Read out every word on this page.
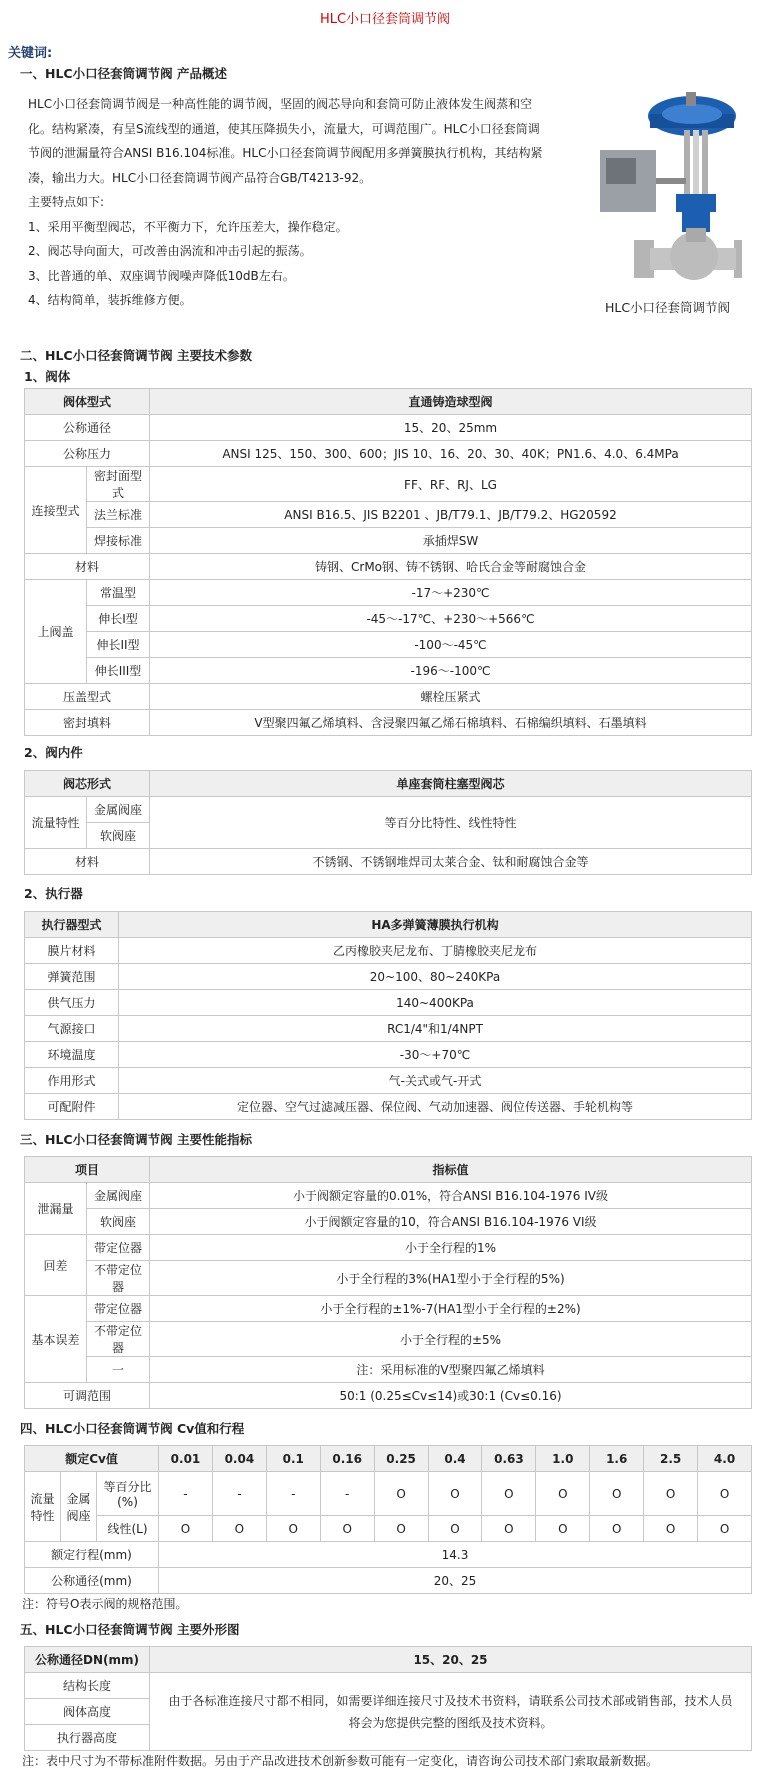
HLC小口径套筒调节阀
关键词:
一、HLC小口径套筒调节阀 产品概述

HLC小口径套筒调节阀是一种高性能的调节阀，坚固的阀芯导向和套筒可防止液体发生阀蒸和空化。结构紧凑，有呈S流线型的通道，使其压降损失小，流量大，可调范围广。HLC小口径套筒调节阀的泄漏量符合ANSI B16.104标准。HLC小口径套筒调节阀配用多弹簧膜执行机构，其结构紧凑，输出力大。HLC小口径套筒调节阀产品符合GB/T4213-92。

主要特点如下:

1、采用平衡型阀芯，不平衡力下，允许压差大，操作稳定。

2、阀芯导向面大，可改善由涡流和冲击引起的振荡。

3、比普通的单、双座调节阀噪声降低10dB左右。

4、结构简单，装拆维修方便。	HLC小口径套筒调节阀
二、HLC小口径套筒调节阀 主要技术参数
1、阀体
阀体型式		直通铸造球型阀
公称通径		15、20、25mm
公称压力		ANSI 125、150、300、600；JIS 10、16、20、30、40K；PN1.6、4.0、6.4MPa
连接型式	密封面型式	FF、RF、RJ、LG
	法兰标准	ANSI B16.5、JIS B2201 、JB/T79.1、JB/T79.2、HG20592
	焊接标准	承插焊SW
材料		铸钢、CrMo钢、铸不锈钢、哈氏合金等耐腐蚀合金
上阀盖	常温型	-17～+230℃
	伸长I型	-45～-17℃、+230～+566℃
	伸长II型	-100～-45℃
	伸长III型	-196～-100℃
压盖型式		螺栓压紧式
密封填料		V型聚四氟乙烯填料、含浸聚四氟乙烯石棉填料、石棉编织填料、石墨填料
2、阀内件
阀芯形式		单座套筒柱塞型阀芯
流量特性	金属阀座	等百分比特性、线性特性
	软阀座	
材料		不锈钢、不锈钢堆焊司太莱合金、钛和耐腐蚀合金等
2、执行器
执行器型式	HA多弹簧薄膜执行机构
膜片材料	乙丙橡胶夹尼龙布、丁腈橡胶夹尼龙布
弹簧范围	20~100、80~240KPa
供气压力	140~400KPa
气源接口	RC1/4"和1/4NPT
环境温度	-30～+70℃
作用形式	气-关式或气-开式
可配附件	定位器、空气过滤减压器、保位阀、气动加速器、阀位传送器、手轮机构等
三、HLC小口径套筒调节阀 主要性能指标
项目		指标值
泄漏量	金属阀座	小于阀额定容量的0.01%，符合ANSI B16.104-1976 IV级
	软阀座	小于阀额定容量的10，符合ANSI B16.104-1976 VI级
回差	带定位器	小于全行程的1%
	不带定位器	小于全行程的3%(HA1型小于全行程的5%)
基本误差	带定位器	小于全行程的±1%-7(HA1型小于全行程的±2%)
	不带定位器	小于全行程的±5%
	一	注：采用标准的V型聚四氟乙烯填料
可调范围		50:1 (0.25≤Cv≤14)或30:1 (Cv≤0.16)
四、HLC小口径套筒调节阀 Cv值和行程
额定Cv值			0.01	0.04	0.1	0.16	0.25	0.4	0.63	1.0	1.6	2.5	4.0
流量特性	金属阀座	等百分比(%)	-	-	-	-	O	O	O	O	O	O	O
		线性(L)	O	O	O	O	O	O	O	O	O	O	O
额定行程(mm)			14.3										
公称通径(mm)			20、25										
注：符号O表示阀的规格范围。
五、HLC小口径套筒调节阀 主要外形图
公称通径DN(mm)	15、20、25
结构长度	由于各标准连接尺寸都不相同，如需要详细连接尺寸及技术书资料，请联系公司技术部或销售部，技术人员将会为您提供完整的图纸及技术资料。
阀体高度	
执行器高度	
注：表中尺寸为不带标准附件数据。另由于产品改进技术创新参数可能有一定变化，请咨询公司技术部门索取最新数据。
